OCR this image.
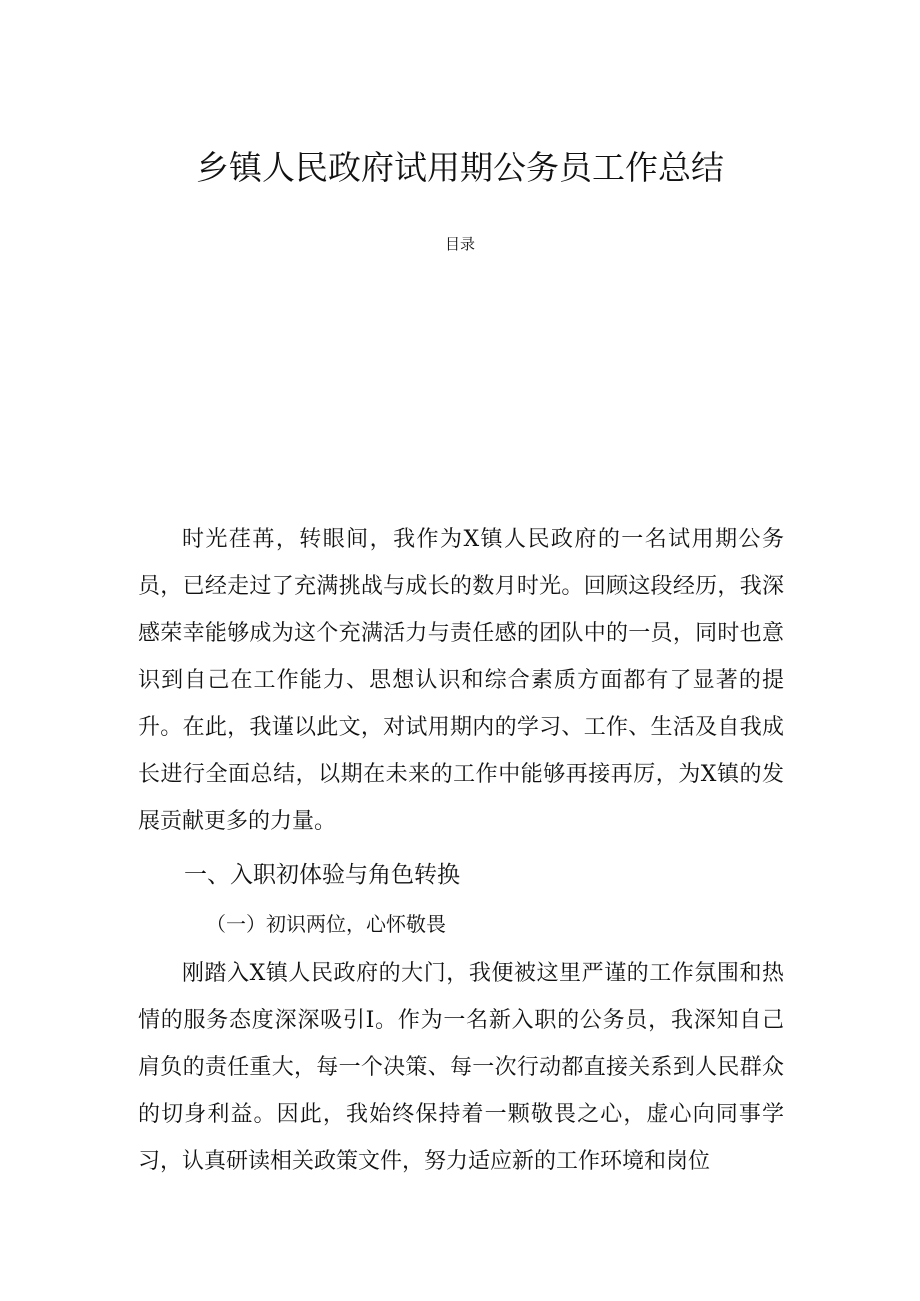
乡镇人民政府试用期公务员工作总结
目录

时光荏苒，转眼间，我作为X镇人民政府的一名试用期公务员，已经走过了充满挑战与成长的数月时光。回顾这段经历，我深感荣幸能够成为这个充满活力与责任感的团队中的一员，同时也意识到自己在工作能力、思想认识和综合素质方面都有了显著的提升。在此，我谨以此文，对试用期内的学习、工作、生活及自我成长进行全面总结，以期在未来的工作中能够再接再厉，为X镇的发展贡献更多的力量。

一、入职初体验与角色转换
（一）初识两位，心怀敬畏

刚踏入X镇人民政府的大门，我便被这里严谨的工作氛围和热情的服务态度深深吸引I。作为一名新入职的公务员，我深知自己肩负的责任重大，每一个决策、每一次行动都直接关系到人民群众的切身利益。因此，我始终保持着一颗敬畏之心，虚心向同事学习，认真研读相关政策文件，努力适应新的工作环境和岗位
